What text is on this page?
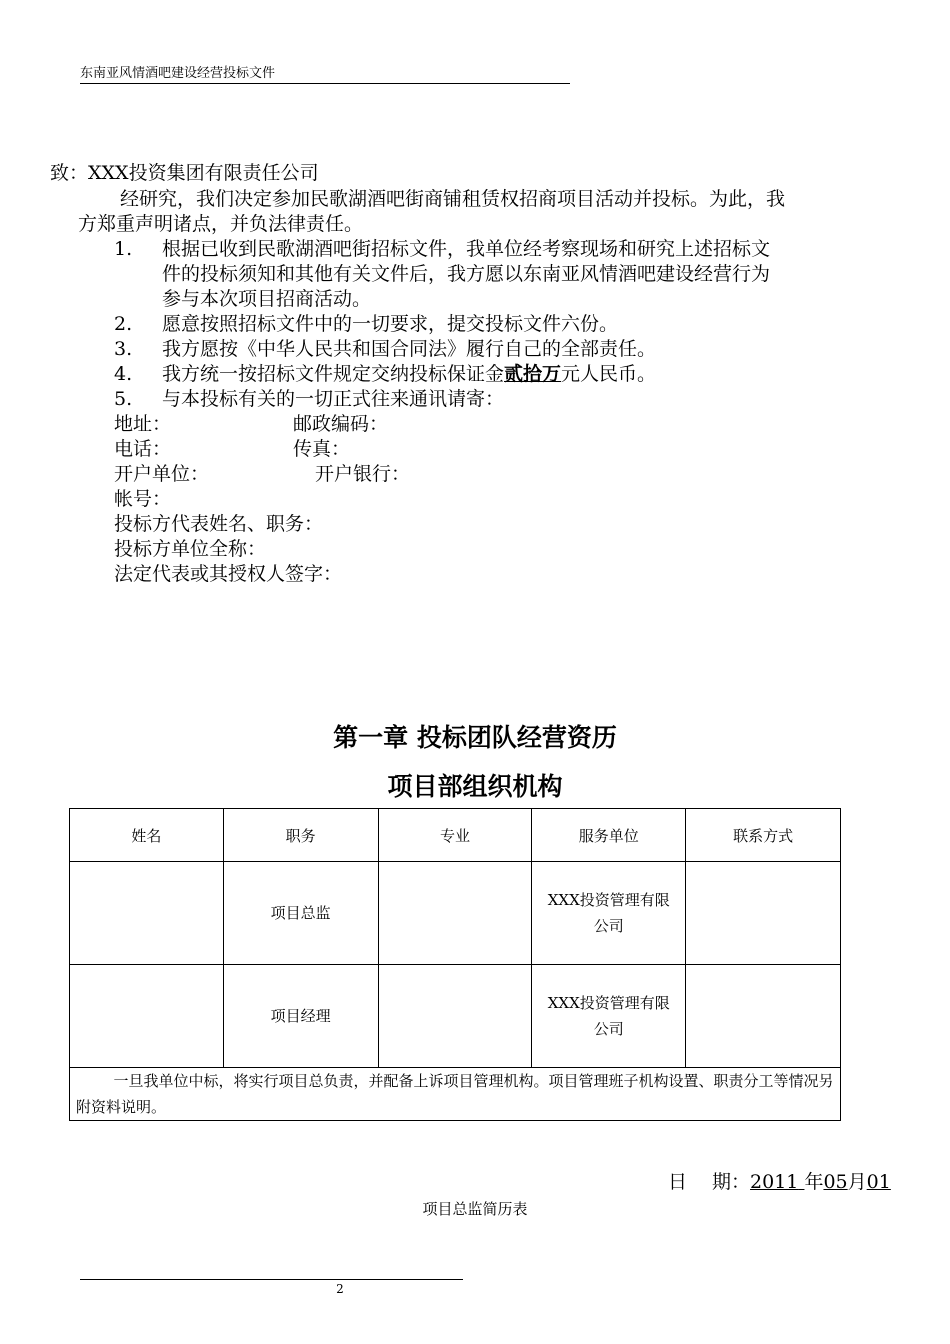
东南亚风情酒吧建设经营投标文件
致：XXX投资集团有限责任公司
经研究，我们决定参加民歌湖酒吧街商铺租赁权招商项目活动并投标。为此，我
方郑重声明诸点，并负法律责任。
1. 根据已收到民歌湖酒吧街招标文件，我单位经考察现场和研究上述招标文
件的投标须知和其他有关文件后，我方愿以东南亚风情酒吧建设经营行为
参与本次项目招商活动。
2. 愿意按照招标文件中的一切要求，提交投标文件六份。
3. 我方愿按《中华人民共和国合同法》履行自己的全部责任。
4. 我方统一按招标文件规定交纳投标保证金贰拾万元人民币。
5. 与本投标有关的一切正式往来通讯请寄：
地址：	邮政编码：
电话：	传真：
开户单位：	开户银行：
帐号：
投标方代表姓名、职务：
投标方单位全称：
法定代表或其授权人签字：
第一章 投标团队经营资历
项目部组织机构
姓名	职务	专业	服务单位	联系方式
	项目总监		XXX投资管理有限公司	
	项目经理		XXX投资管理有限公司	
一旦我单位中标，将实行项目总负责，并配备上诉项目管理机构。项目管理班子机构设置、职责分工等情况另附资料说明。				
日　 期：2011 年05月01
项目总监简历表
2
